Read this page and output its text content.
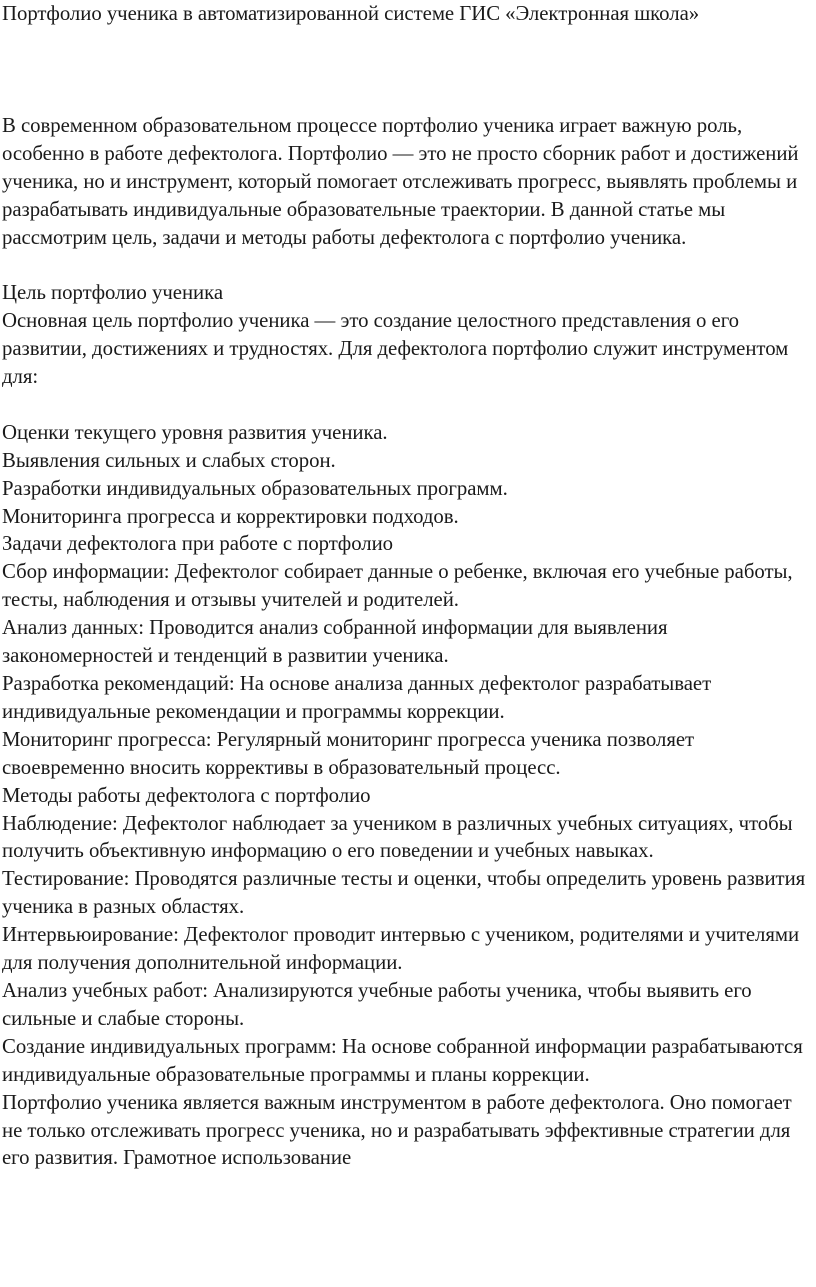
Портфолио ученика в автоматизированной системе ГИС «Электронная школа»

В современном образовательном процессе портфолио ученика играет важную роль, особенно в работе дефектолога. Портфолио — это не просто сборник работ и достижений ученика, но и инструмент, который помогает отслеживать прогресс, выявлять проблемы и разрабатывать индивидуальные образовательные траектории. В данной статье мы рассмотрим цель, задачи и методы работы дефектолога с портфолио ученика.

Цель портфолио ученика

Основная цель портфолио ученика — это создание целостного представления о его развитии, достижениях и трудностях. Для дефектолога портфолио служит инструментом для:

Оценки текущего уровня развития ученика.

Выявления сильных и слабых сторон.

Разработки индивидуальных образовательных программ.

Мониторинга прогресса и корректировки подходов.

Задачи дефектолога при работе с портфолио

Сбор информации: Дефектолог собирает данные о ребенке, включая его учебные работы, тесты, наблюдения и отзывы учителей и родителей.

Анализ данных: Проводится анализ собранной информации для выявления закономерностей и тенденций в развитии ученика.

Разработка рекомендаций: На основе анализа данных дефектолог разрабатывает индивидуальные рекомендации и программы коррекции.

Мониторинг прогресса: Регулярный мониторинг прогресса ученика позволяет своевременно вносить коррективы в образовательный процесс.

Методы работы дефектолога с портфолио

Наблюдение: Дефектолог наблюдает за учеником в различных учебных ситуациях, чтобы получить объективную информацию о его поведении и учебных навыках.

Тестирование: Проводятся различные тесты и оценки, чтобы определить уровень развития ученика в разных областях.

Интервьюирование: Дефектолог проводит интервью с учеником, родителями и учителями для получения дополнительной информации.

Анализ учебных работ: Анализируются учебные работы ученика, чтобы выявить его сильные и слабые стороны.

Создание индивидуальных программ: На основе собранной информации разрабатываются индивидуальные образовательные программы и планы коррекции.

Портфолио ученика является важным инструментом в работе дефектолога. Оно помогает не только отслеживать прогресс ученика, но и разрабатывать эффективные стратегии для его развития. Грамотное использование
